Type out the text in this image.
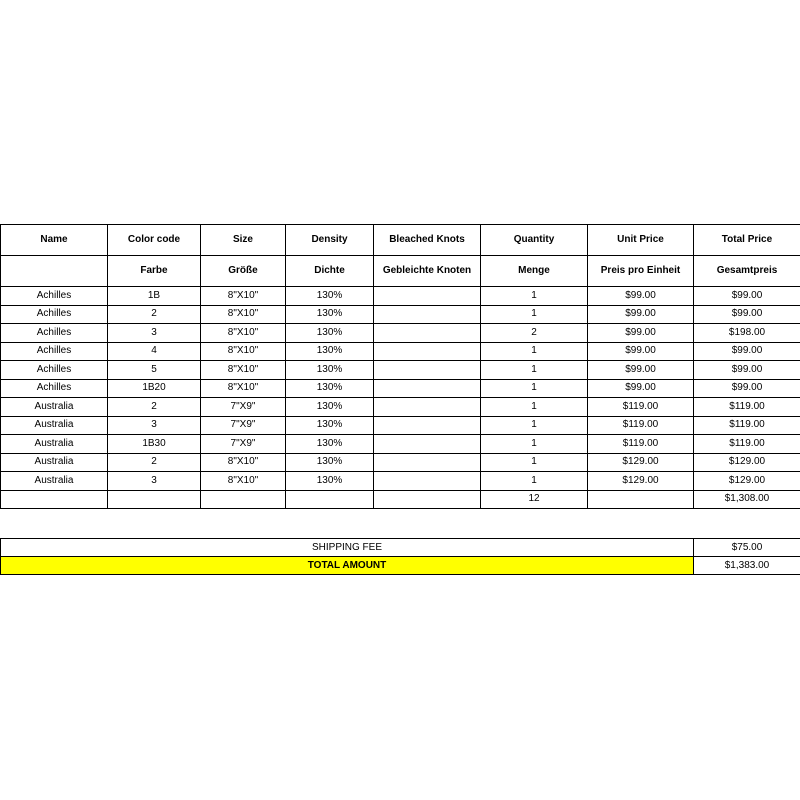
Name	Color code	Size	Density	Bleached Knots	Quantity	Unit Price	Total Price
	Farbe	Größe	Dichte	Gebleichte Knoten	Menge	Preis pro Einheit	Gesamtpreis
Achilles	1B	8"X10"	130%		1	$99.00	$99.00
Achilles	2	8"X10"	130%		1	$99.00	$99.00
Achilles	3	8"X10"	130%		2	$99.00	$198.00
Achilles	4	8"X10"	130%		1	$99.00	$99.00
Achilles	5	8"X10"	130%		1	$99.00	$99.00
Achilles	1B20	8"X10"	130%		1	$99.00	$99.00
Australia	2	7"X9"	130%		1	$119.00	$119.00
Australia	3	7"X9"	130%		1	$119.00	$119.00
Australia	1B30	7"X9"	130%		1	$119.00	$119.00
Australia	2	8"X10"	130%		1	$129.00	$129.00
Australia	3	8"X10"	130%		1	$129.00	$129.00
					12		$1,308.00
SHIPPING FEE	$75.00
TOTAL AMOUNT	$1,383.00
